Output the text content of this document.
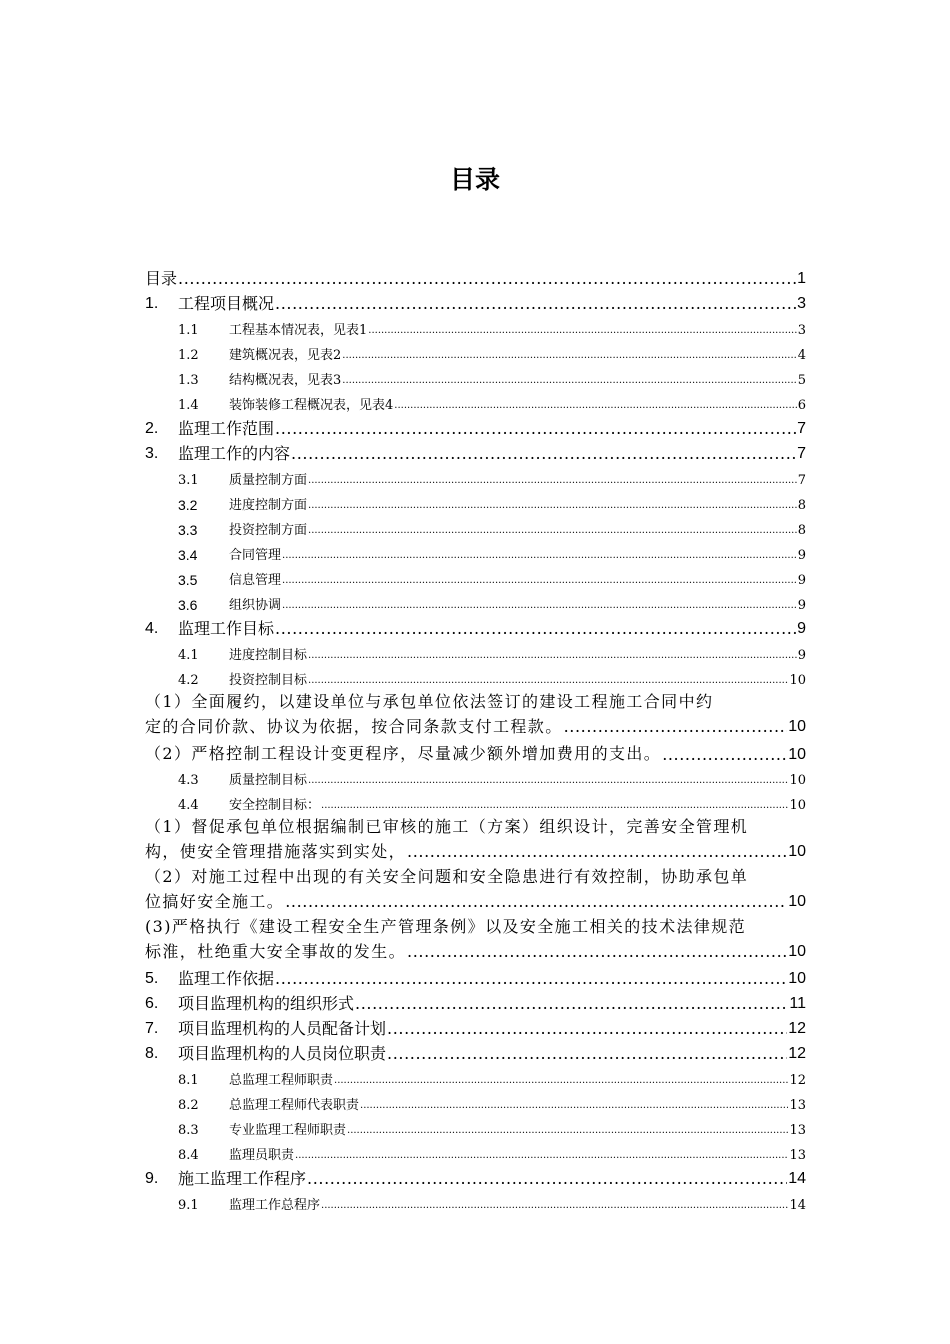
目录
目录 .....	1
1.	工程项目概况 .....	3
1.1	工程基本情况表，见表1 .....	3
1.2	建筑概况表，见表2 .....	4
1.3	结构概况表，见表3 .....	5
1.4	装饰装修工程概况表，见表4 .....	6
2.	监理工作范围 .....	7
3.	监理工作的内容 .....	7
3.1	质量控制方面 .....	7
3.2	进度控制方面 .....	8
3.3	投资控制方面 .....	8
3.4	合同管理 .....	9
3.5	信息管理 .....	9
3.6	组织协调 .....	9
4.	监理工作目标 .....	9
4.1	进度控制目标 .....	9
4.2	投资控制目标 .....	10
（1）全面履约，以建设单位与承包单位依法签订的建设工程施工合同中约
定的合同价款、协议为依据，按合同条款支付工程款。 .....	10
（2）严格控制工程设计变更程序，尽量减少额外增加费用的支出。 .....	10
4.3	质量控制目标 .....	10
4.4	安全控制目标： .....	10
（1）督促承包单位根据编制已审核的施工（方案）组织设计，完善安全管理机
构，使安全管理措施落实到实处， .....	10
（2）对施工过程中出现的有关安全问题和安全隐患进行有效控制，协助承包单
位搞好安全施工。 .....	10
(3)严格执行《建设工程安全生产管理条例》以及安全施工相关的技术法律规范
标淮，杜绝重大安全事故的发生。 .....	10
5.	监理工作依据 .....	10
6.	项目监理机构的组织形式 .....	11
7.	项目监理机构的人员配备计划 .....	12
8.	项目监理机构的人员岗位职责 .....	12
8.1	总监理工程师职责 .....	12
8.2	总监理工程师代表职责 .....	13
8.3	专业监理工程师职责 .....	13
8.4	监理员职责 .....	13
9.	施工监理工作程序 .....	14
9.1	监理工作总程序 .....	14
